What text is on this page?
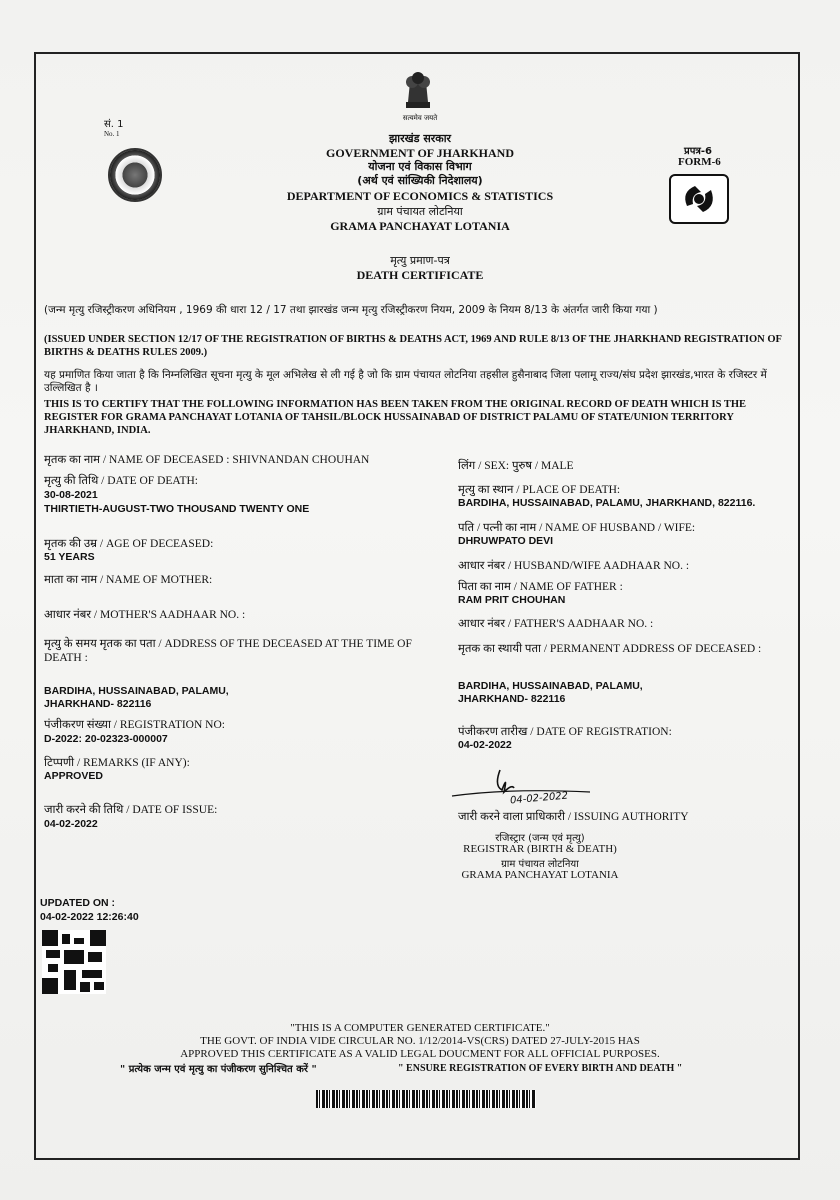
सत्यमेव जयते
सं. 1
No. 1
प्रपत्र-6
FORM-6
झारखंड सरकार
GOVERNMENT OF JHARKHAND
योजना एवं विकास विभाग
(अर्थ एवं सांख्यिकी निदेशालय)
DEPARTMENT OF ECONOMICS & STATISTICS
ग्राम पंचायत लोटनिया
GRAMA PANCHAYAT LOTANIA
मृत्यु प्रमाण-पत्र
DEATH CERTIFICATE
(जन्म मृत्यु रजिस्ट्रीकरण अधिनियम , 1969 की धारा 12 / 17 तथा झारखंड जन्म मृत्यु रजिस्ट्रीकरण नियम, 2009 के नियम 8/13 के अंतर्गत जारी किया गया )
(ISSUED UNDER SECTION 12/17 OF THE REGISTRATION OF BIRTHS & DEATHS ACT, 1969 AND RULE 8/13 OF THE JHARKHAND REGISTRATION OF BIRTHS & DEATHS RULES 2009.)
यह प्रमाणित किया जाता है कि निम्नलिखित सूचना मृत्यु के मूल अभिलेख से ली गई है जो कि ग्राम पंचायत लोटनिया तहसील हुसैनाबाद जिला पलामू राज्य/संघ प्रदेश झारखंड,भारत के रजिस्टर में उल्लिखित है ।
THIS IS TO CERTIFY THAT THE FOLLOWING INFORMATION HAS BEEN TAKEN FROM THE ORIGINAL RECORD OF DEATH WHICH IS THE REGISTER FOR GRAMA PANCHAYAT LOTANIA OF TAHSIL/BLOCK HUSSAINABAD OF DISTRICT PALAMU OF STATE/UNION TERRITORY JHARKHAND, INDIA.
मृतक का नाम / NAME OF DECEASED : SHIVNANDAN CHOUHAN
मृत्यु की तिथि / DATE OF DEATH:
30-08-2021
THIRTIETH-AUGUST-TWO THOUSAND TWENTY ONE
मृतक की उम्र / AGE OF DECEASED:
51 YEARS
माता का नाम / NAME OF MOTHER:
आधार नंबर / MOTHER'S AADHAAR NO. :
मृत्यु के समय मृतक का पता / ADDRESS OF THE DECEASED AT THE TIME OF DEATH :
BARDIHA, HUSSAINABAD, PALAMU,
JHARKHAND- 822116
पंजीकरण संख्या / REGISTRATION NO:
D-2022: 20-02323-000007
टिप्पणी / REMARKS (IF ANY):
APPROVED
जारी करने की तिथि / DATE OF ISSUE:
04-02-2022
लिंग / SEX: पुरुष / MALE
मृत्यु का स्थान / PLACE OF DEATH:
BARDIHA, HUSSAINABAD, PALAMU, JHARKHAND, 822116.
पति / पत्नी का नाम / NAME OF HUSBAND / WIFE:
DHRUWPATO DEVI
आधार नंबर / HUSBAND/WIFE AADHAAR NO. :
पिता का नाम / NAME OF FATHER :
RAM PRIT CHOUHAN
आधार नंबर / FATHER'S AADHAAR NO. :
मृतक का स्थायी पता / PERMANENT ADDRESS OF DECEASED :
BARDIHA, HUSSAINABAD, PALAMU,
JHARKHAND- 822116
पंजीकरण तारीख / DATE OF REGISTRATION:
04-02-2022
04-02-2022
जारी करने वाला प्राधिकारी / ISSUING AUTHORITY
रजिस्ट्रार (जन्म एवं मृत्यु)
REGISTRAR (BIRTH & DEATH)
ग्राम पंचायत लोटनिया
GRAMA PANCHAYAT LOTANIA
UPDATED ON :
04-02-2022 12:26:40
"THIS IS A COMPUTER GENERATED CERTIFICATE."
THE GOVT. OF INDIA VIDE CIRCULAR NO. 1/12/2014-VS(CRS) DATED 27-JULY-2015 HAS
APPROVED THIS CERTIFICATE AS A VALID LEGAL DOUCMENT FOR ALL OFFICIAL PURPOSES.
" प्रत्येक जन्म एवं मृत्यु का पंजीकरण सुनिश्चित करें "	" ENSURE REGISTRATION OF EVERY BIRTH AND DEATH "
